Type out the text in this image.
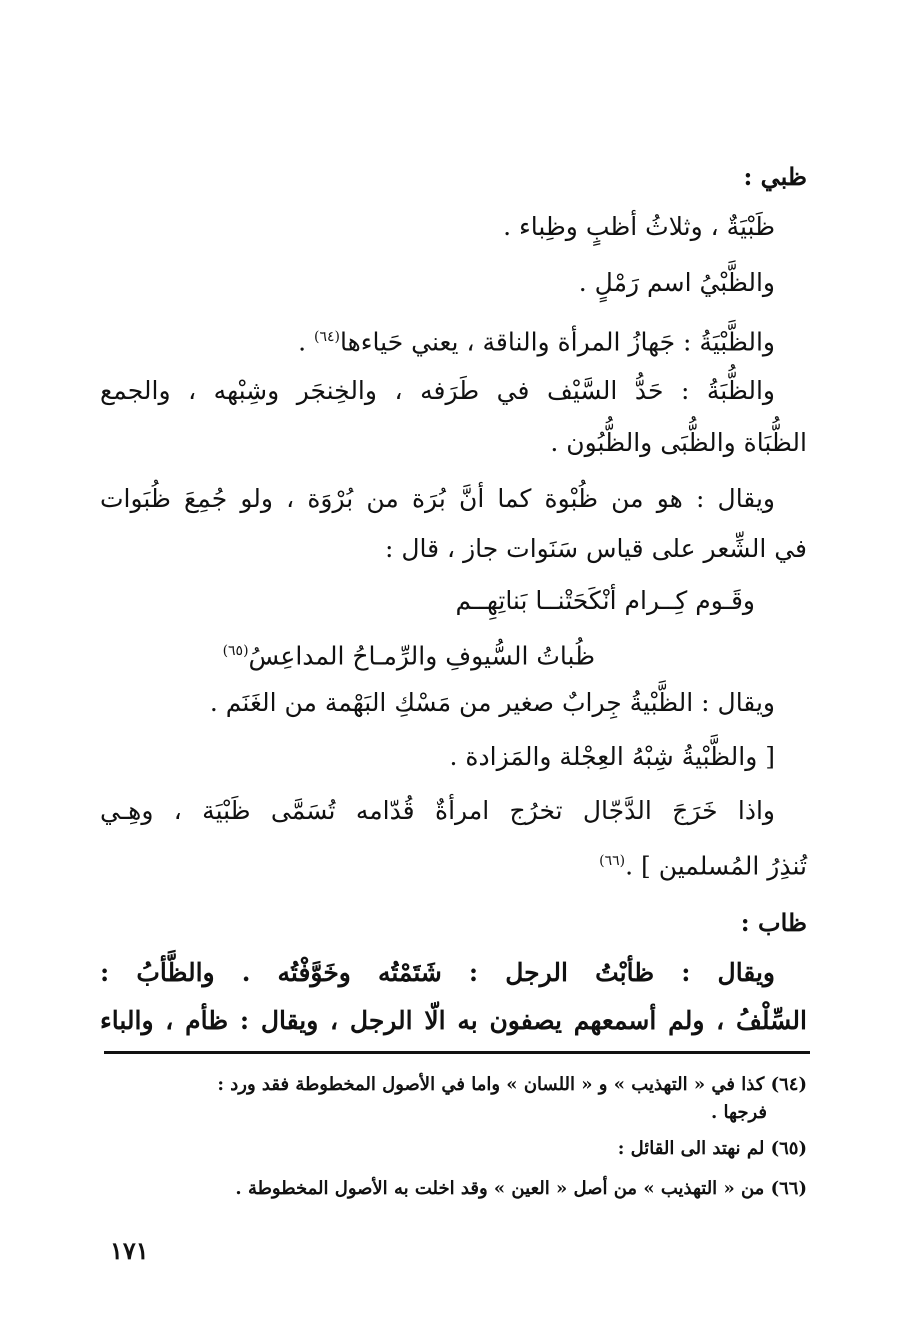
ظبي :
ظَبْيَةٌ ، وثلاثُ أظبٍ وظِباء .
والظَّبْيُ اسم رَمْلٍ .
والظَّبْيَةُ : جَهازُ المرأة والناقة ، يعني حَياءها$^{(٦٤)}$ .
والظُّبَةُ : حَدُّ السَّيْف في طَرَفه ، والخِنجَر وشِبْهه ، والجمع
الظُّبَاة والظُّبَى والظُّبُون .
ويقال : هو من ظُبْوة كما أنَّ بُرَة من بُرْوَة ، ولو جُمِعَ ظُبَوات
في الشِّعر على قياس سَنَوات جاز ، قال :
وقَـوم كِــرام أنْكَحَتْنــا بَناتِهِــم
ظُباتُ السُّيوفِ والرِّمـاحُ المداعِسُ$^{(٦٥)}$
ويقال : الظَّبْيةُ جِرابٌ صغير من مَسْكِ البَهْمة من الغَنَم .
[ والظَّبْيةُ شِبْهُ العِجْلة والمَزادة .
واذا خَرَجَ الدَّجّال تخرُج امرأةٌ قُدّامه تُسَمَّى ظَبْيَة ، وهِـي
تُنذِرُ المُسلمين ] .$^{(٦٦)}$
ظاب :
ويقال : ظأبْتُ الرجل : شَتَمْتُه وخَوَّفْتُه . والظَّأبُ :
السِّلْفُ ، ولم أسمعهم يصفون به الّا الرجل ، ويقال : ظأم ، والباء
(٦٤) كذا في « التهذيب » و « اللسان » واما في الأصول المخطوطة فقد ورد :
فرجها .
(٦٥) لم نهتد الى القائل :
(٦٦) من « التهذيب » من أصل « العين » وقد اخلت به الأصول المخطوطة .
١٧١
